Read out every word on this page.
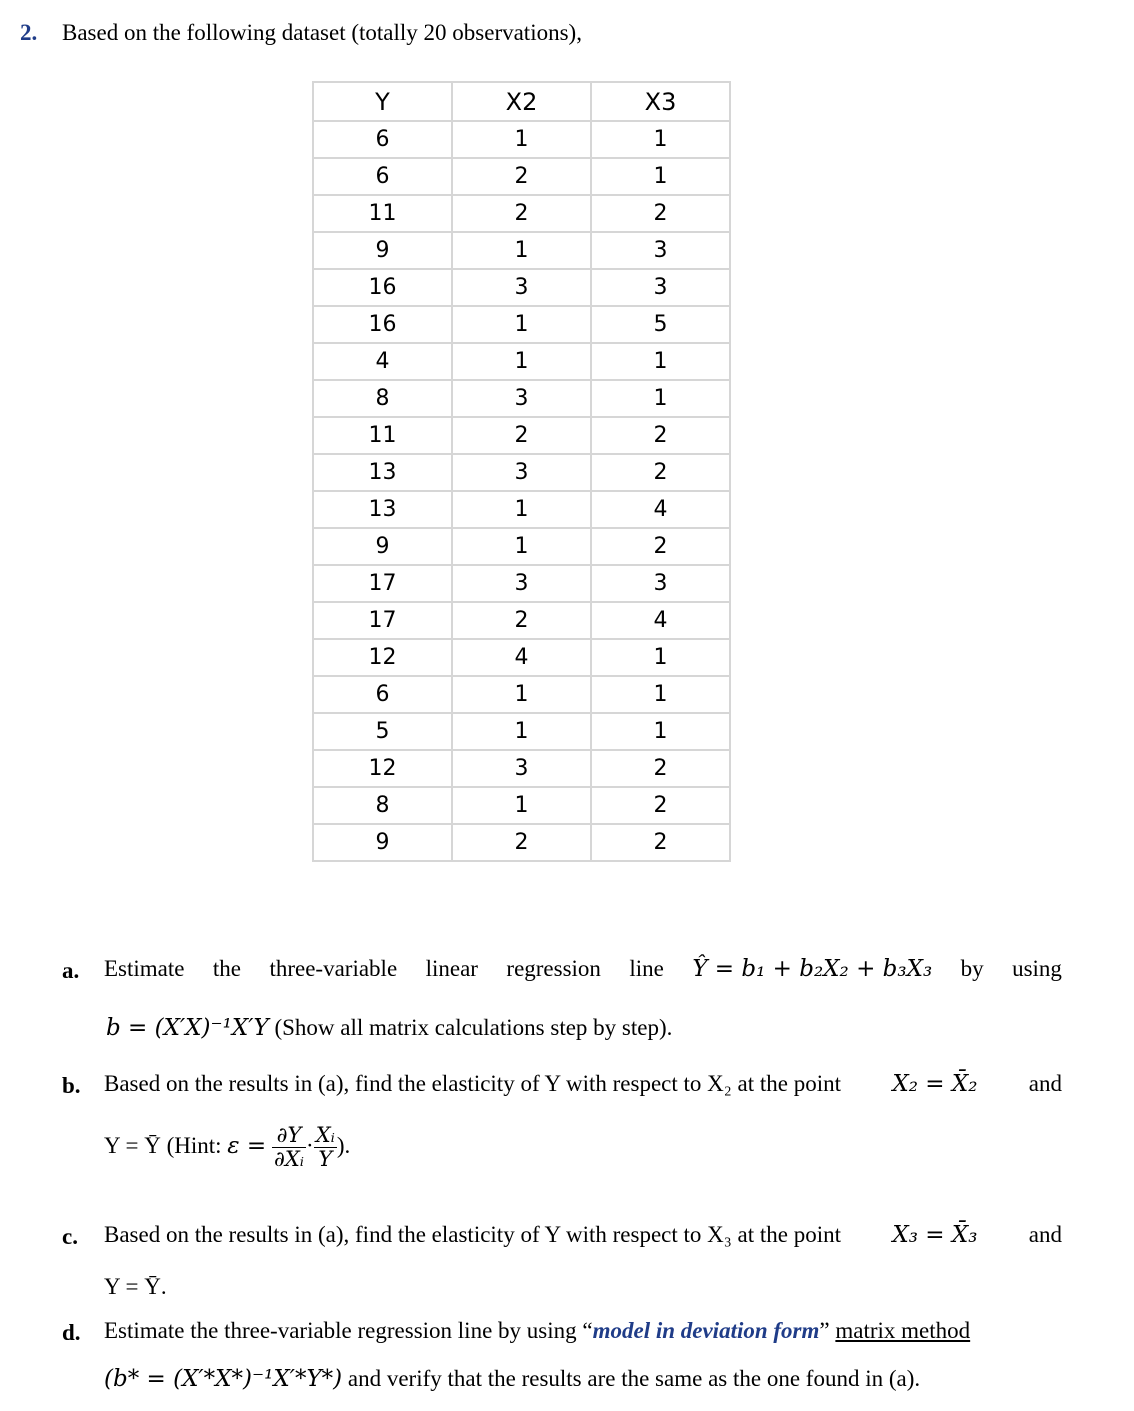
2. Based on the following dataset (totally 20 observations),
Y	X2	X3
6	1	1
6	2	1
11	2	2
9	1	3
16	3	3
16	1	5
4	1	1
8	3	1
11	2	2
13	3	2
13	1	4
9	1	2
17	3	3
17	2	4
12	4	1
6	1	1
5	1	1
12	3	2
8	1	2
9	2	2
a. Estimate the three-variable linear regression line Ŷ = b₁ + b₂X₂ + b₃X₃ by using
b = (X′X)⁻¹X′Y (Show all matrix calculations step by step).
b. Based on the results in (a), find the elasticity of Y with respect to X₂ at the point X₂ = X̄₂ and
Y = Ȳ (Hint: $\varepsilon = \frac{\partial Y}{\text{∂Xᵢ}} \cdot \frac{\text{Xᵢ}}{Y}$ ).
c. Based on the results in (a), find the elasticity of Y with respect to X₃ at the point X₃ = X̄₃ and
Y = Ȳ.
d. Estimate the three-variable regression line by using “model in deviation form” matrix method
(b* = (X′*X*)⁻¹X′*Y*) and verify that the results are the same as the one found in (a).
